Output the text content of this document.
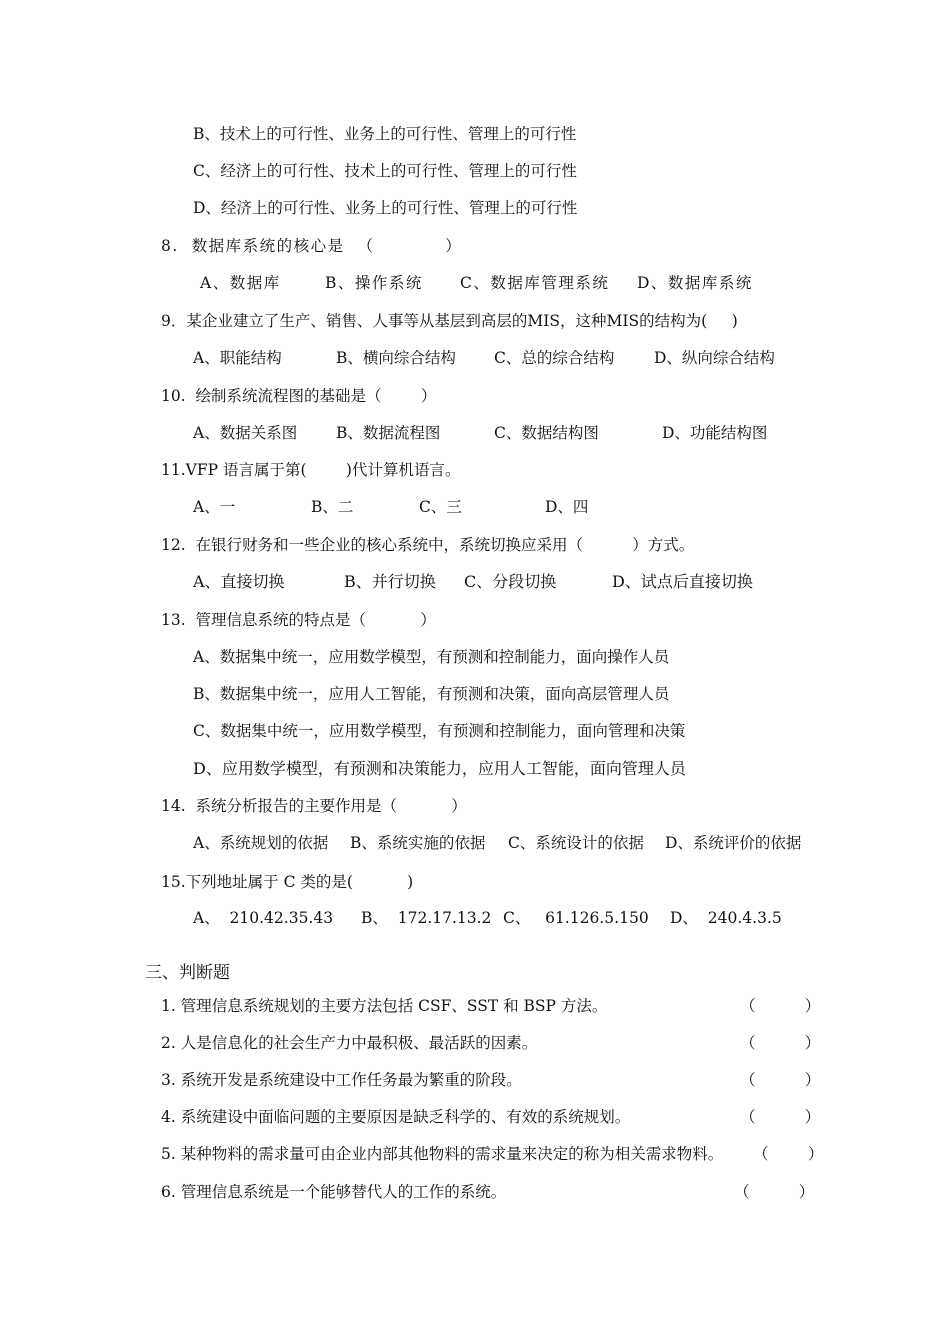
B、技术上的可行性、业务上的可行性、管理上的可行性
C、经济上的可行性、技术上的可行性、管理上的可行性
D、经济上的可行性、业务上的可行性、管理上的可行性
8.  数据库系统的核心是  （           ）
A、数据库	B、操作系统 C、数据库管理系统 D、数据库系统
9．某企业建立了生产、销售、人事等从基层到高层的MIS，这种MIS的结构为(     )
A、职能结构	B、横向综合结构 C、总的综合结构	D、纵向综合结构
10.  绘制系统流程图的基础是（        ）
A、数据关系图	B、数据流程图	C、数据结构图	D、功能结构图
11.VFP 语言属于第(        )代计算机语言。
A、一	B、二	C、三	D、四
12.  在银行财务和一些企业的核心系统中，系统切换应采用（          ）方式。
A、直接切换	B、并行切换 C、分段切换	D、试点后直接切换
13.  管理信息系统的特点是（           ）
A、数据集中统一，应用数学模型，有预测和控制能力，面向操作人员
B、数据集中统一，应用人工智能，有预测和决策，面向高层管理人员
C、数据集中统一，应用数学模型，有预测和控制能力，面向管理和决策
D、应用数学模型，有预测和决策能力，应用人工智能，面向管理人员
14.  系统分析报告的主要作用是（           ）
A、系统规划的依据 B、系统实施的依据 C、系统设计的依据 D、系统评价的依据
15.下列地址属于 C 类的是(           )
A、  210.42.35.43 B、  172.17.13.2 C、   61.126.5.150 D、  240.4.3.5
三、判断题
1. 管理信息系统规划的主要方法包括 CSF、SST 和 BSP 方法。	（          ）
2. 人是信息化的社会生产力中最积极、最活跃的因素。	（          ）
3. 系统开发是系统建设中工作任务最为繁重的阶段。	（          ）
4. 系统建设中面临问题的主要原因是缺乏科学的、有效的系统规划。	（          ）
5. 某种物料的需求量可由企业内部其他物料的需求量来决定的称为相关需求物料。 （        ）
6. 管理信息系统是一个能够替代人的工作的系统。	（          ）
